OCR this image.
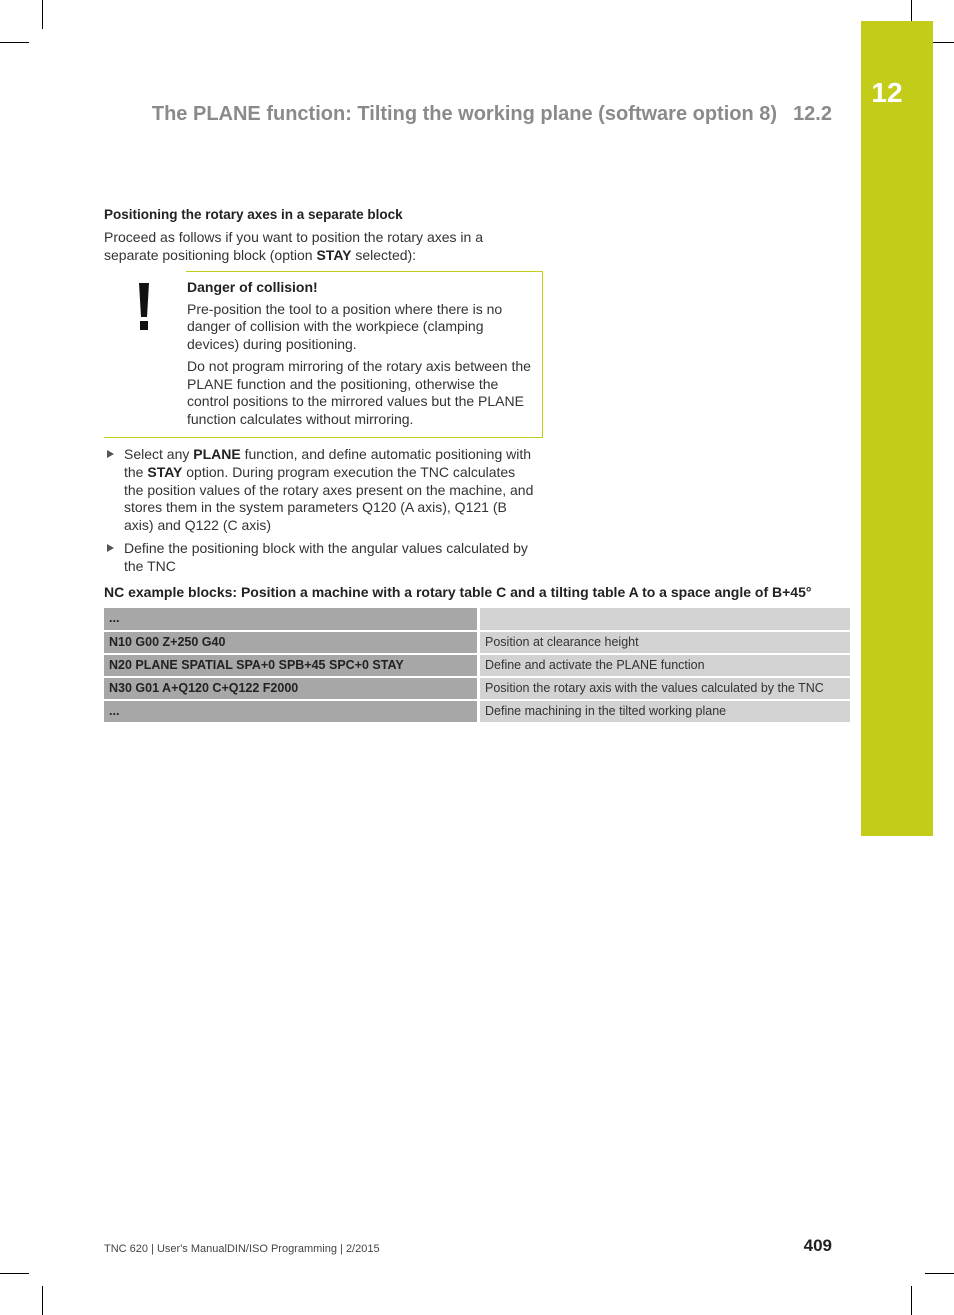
12
The PLANE function: Tilting the working plane (software option 8) 12.2
Positioning the rotary axes in a separate block
Proceed as follows if you want to position the rotary axes in a separate positioning block (option STAY selected):
Danger of collision!

Pre-position the tool to a position where there is no danger of collision with the workpiece (clamping devices) during positioning.

Do not program mirroring of the rotary axis between the PLANE function and the positioning, otherwise the control positions to the mirrored values but the PLANE function calculates without mirroring.

Select any PLANE function, and define automatic positioning with the STAY option. During program execution the TNC calculates the position values of the rotary axes present on the machine, and stores them in the system parameters Q120 (A axis), Q121 (B axis) and Q122 (C axis)
Define the positioning block with the angular values calculated by the TNC
NC example blocks: Position a machine with a rotary table C and a tilting table A to a space angle of B+45°
...	
N10 G00 Z+250 G40	Position at clearance height
N20 PLANE SPATIAL SPA+0 SPB+45 SPC+0 STAY	Define and activate the PLANE function
N30 G01 A+Q120 C+Q122 F2000	Position the rotary axis with the values calculated by the TNC
...	Define machining in the tilted working plane
TNC 620 | User's ManualDIN/ISO Programming | 2/2015	409
